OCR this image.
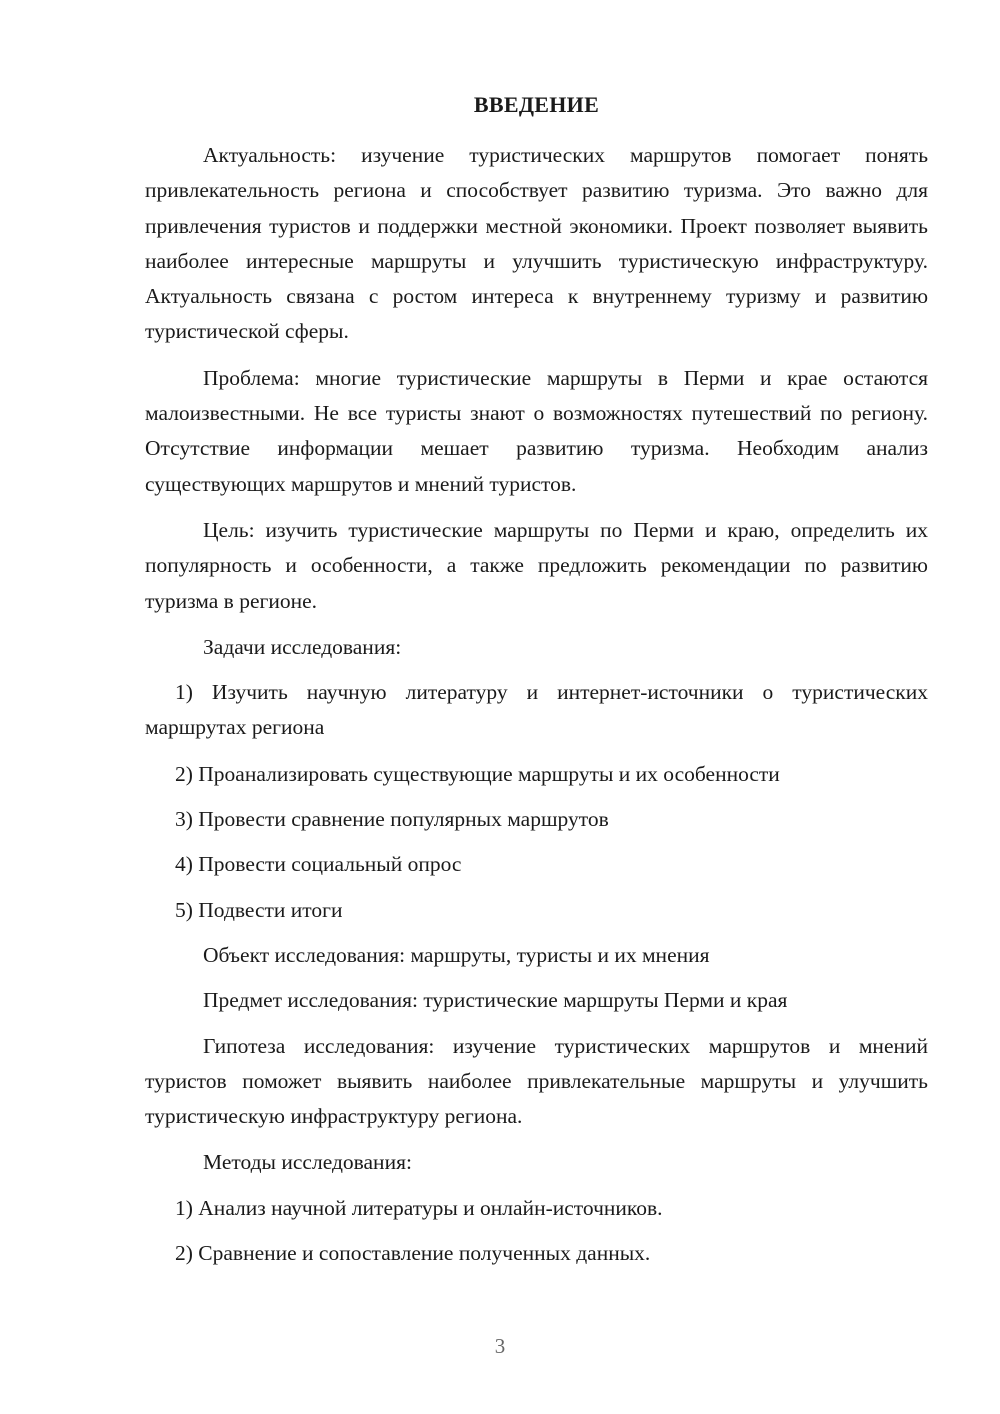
ВВЕДЕНИЕ

Актуальность: изучение туристических маршрутов помогает понять привлекательность региона и способствует развитию туризма. Это важно для привлечения туристов и поддержки местной экономики. Проект позволяет выявить наиболее интересные маршруты и улучшить туристическую инфраструктуру. Актуальность связана с ростом интереса к внутреннему туризму и развитию туристической сферы.

Проблема: многие туристические маршруты в Перми и крае остаются малоизвестными. Не все туристы знают о возможностях путешествий по региону. Отсутствие информации мешает развитию туризма. Необходим анализ существующих маршрутов и мнений туристов.

Цель: изучить туристические маршруты по Перми и краю, определить их популярность и особенности, а также предложить рекомендации по развитию туризма в регионе.

Задачи исследования:

1) Изучить научную литературу и интернет-источники о туристических маршрутах региона

2) Проанализировать существующие маршруты и их особенности
3) Провести сравнение популярных маршрутов
4) Провести социальный опрос
5) Подвести итоги
Объект исследования: маршруты, туристы и их мнения
Предмет исследования: туристические маршруты Перми и края

Гипотеза исследования: изучение туристических маршрутов и мнений туристов поможет выявить наиболее привлекательные маршруты и улучшить туристическую инфраструктуру региона.

Методы исследования:
1) Анализ научной литературы и онлайн-источников.
2) Сравнение и сопоставление полученных данных.
3
